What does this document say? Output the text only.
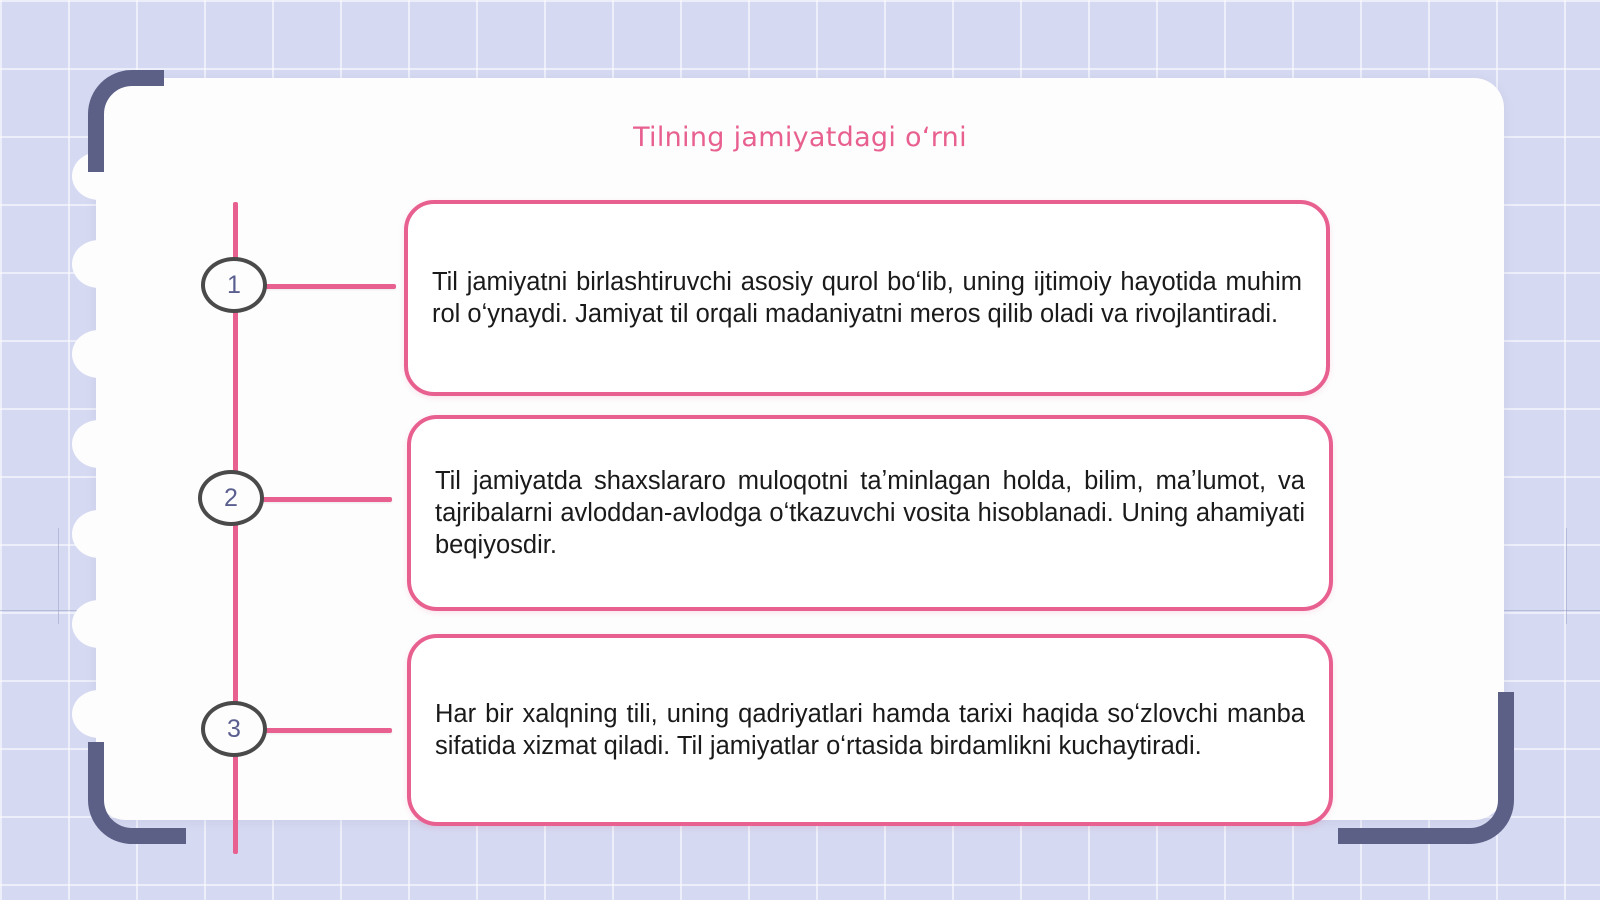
Tilning jamiyatdagi oʻrni
1
2
3
Til jamiyatni birlashtiruvchi asosiy qurol boʻlib, uning ijtimoiy hayotida muhim rol oʻynaydi. Jamiyat til orqali madaniyatni meros qilib oladi va rivojlantiradi.
Til jamiyatda shaxslararo muloqotni taʼminlagan holda, bilim, maʼlumot, va tajribalarni avloddan-avlodga oʻtkazuvchi vosita hisoblanadi. Uning ahamiyati beqiyosdir.
Har bir xalqning tili, uning qadriyatlari hamda tarixi haqida soʻzlovchi manba sifatida xizmat qiladi. Til jamiyatlar oʻrtasida birdamlikni kuchaytiradi.
